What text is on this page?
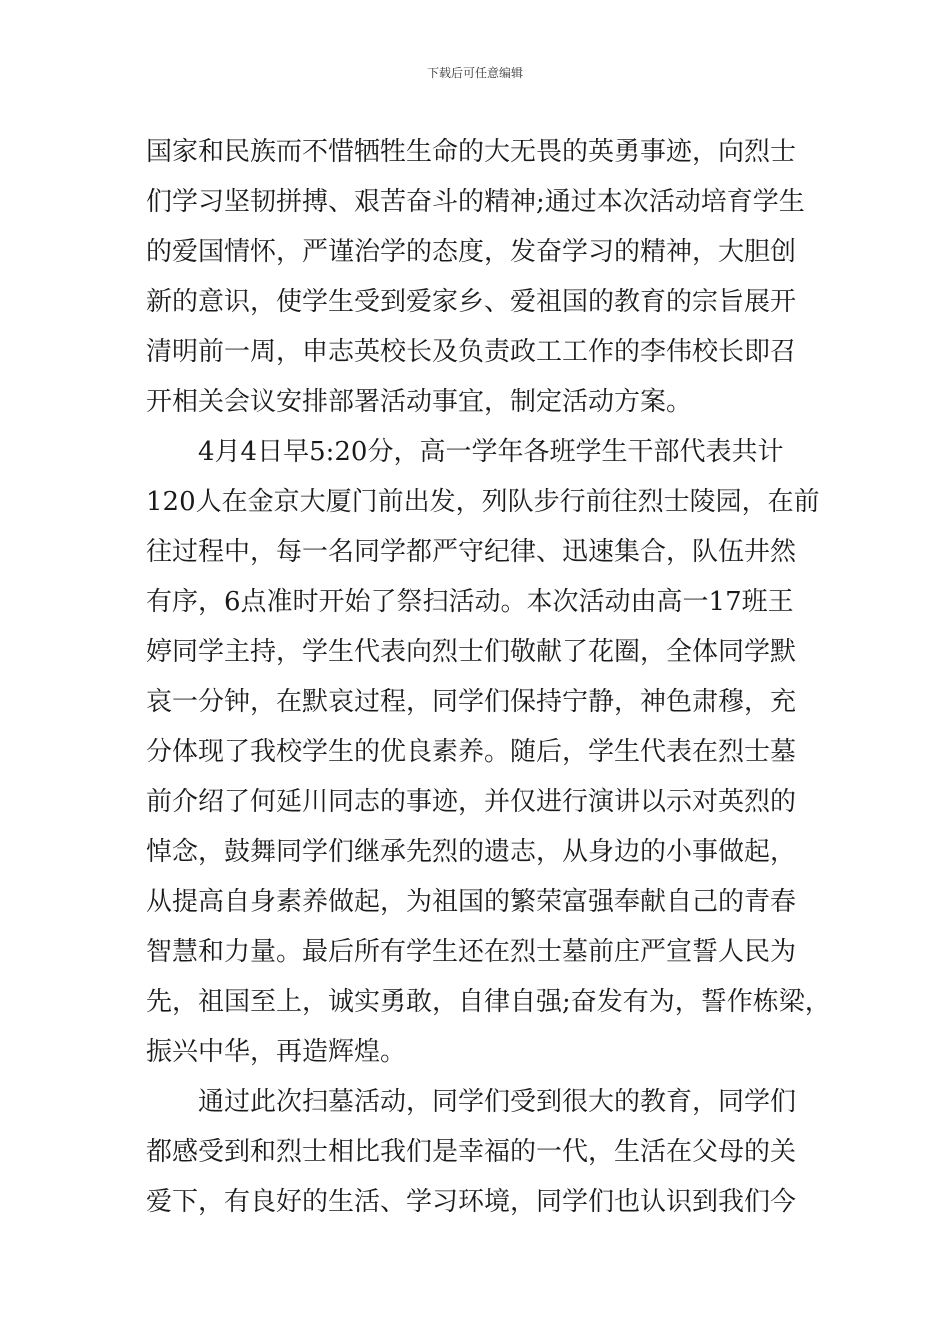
下载后可任意编辑
国家和民族而不惜牺牲生命的大无畏的英勇事迹，向烈士
们学习坚韧拼搏、艰苦奋斗的精神;通过本次活动培育学生
的爱国情怀，严谨治学的态度，发奋学习的精神，大胆创
新的意识，使学生受到爱家乡、爱祖国的教育的宗旨展开
清明前一周，申志英校长及负责政工工作的李伟校长即召
开相关会议安排部署活动事宜，制定活动方案。
4月4日早5:20分，高一学年各班学生干部代表共计
120人在金京大厦门前出发，列队步行前往烈士陵园，在前
往过程中，每一名同学都严守纪律、迅速集合，队伍井然
有序，6点准时开始了祭扫活动。本次活动由高一17班王
婷同学主持，学生代表向烈士们敬献了花圈，全体同学默
哀一分钟，在默哀过程，同学们保持宁静，神色肃穆，充
分体现了我校学生的优良素养。随后，学生代表在烈士墓
前介绍了何延川同志的事迹，并仅进行演讲以示对英烈的
悼念，鼓舞同学们继承先烈的遗志，从身边的小事做起，
从提高自身素养做起，为祖国的繁荣富强奉献自己的青春
智慧和力量。最后所有学生还在烈士墓前庄严宣誓人民为
先，祖国至上，诚实勇敢，自律自强;奋发有为，誓作栋梁，
振兴中华，再造辉煌。
通过此次扫墓活动，同学们受到很大的教育，同学们
都感受到和烈士相比我们是幸福的一代，生活在父母的关
爱下，有良好的生活、学习环境，同学们也认识到我们今
